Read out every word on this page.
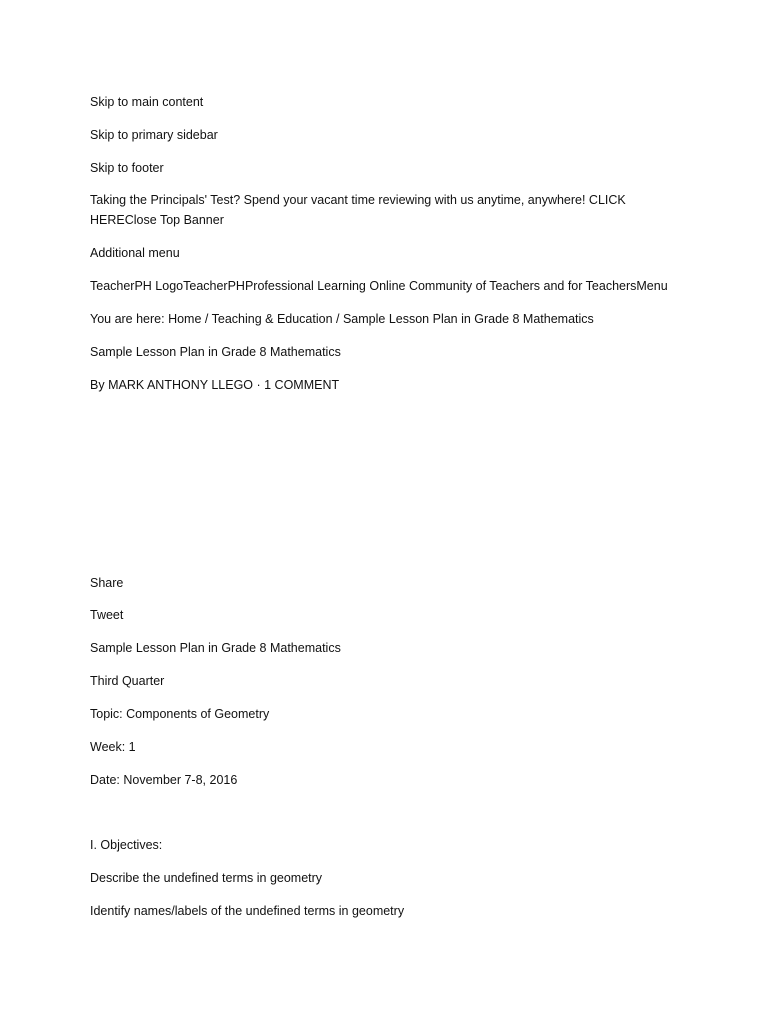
Skip to main content

Skip to primary sidebar

Skip to footer

Taking the Principals' Test? Spend your vacant time reviewing with us anytime, anywhere! CLICK HEREClose Top Banner

Additional menu

TeacherPH LogoTeacherPHProfessional Learning Online Community of Teachers and for TeachersMenu

You are here: Home / Teaching & Education / Sample Lesson Plan in Grade 8 Mathematics

Sample Lesson Plan in Grade 8 Mathematics

By MARK ANTHONY LLEGO · 1 COMMENT

Share

Tweet

Sample Lesson Plan in Grade 8 Mathematics

Third Quarter

Topic: Components of Geometry

Week: 1

Date: November 7-8, 2016

I. Objectives:

Describe the undefined terms in geometry

Identify names/labels of the undefined terms in geometry
